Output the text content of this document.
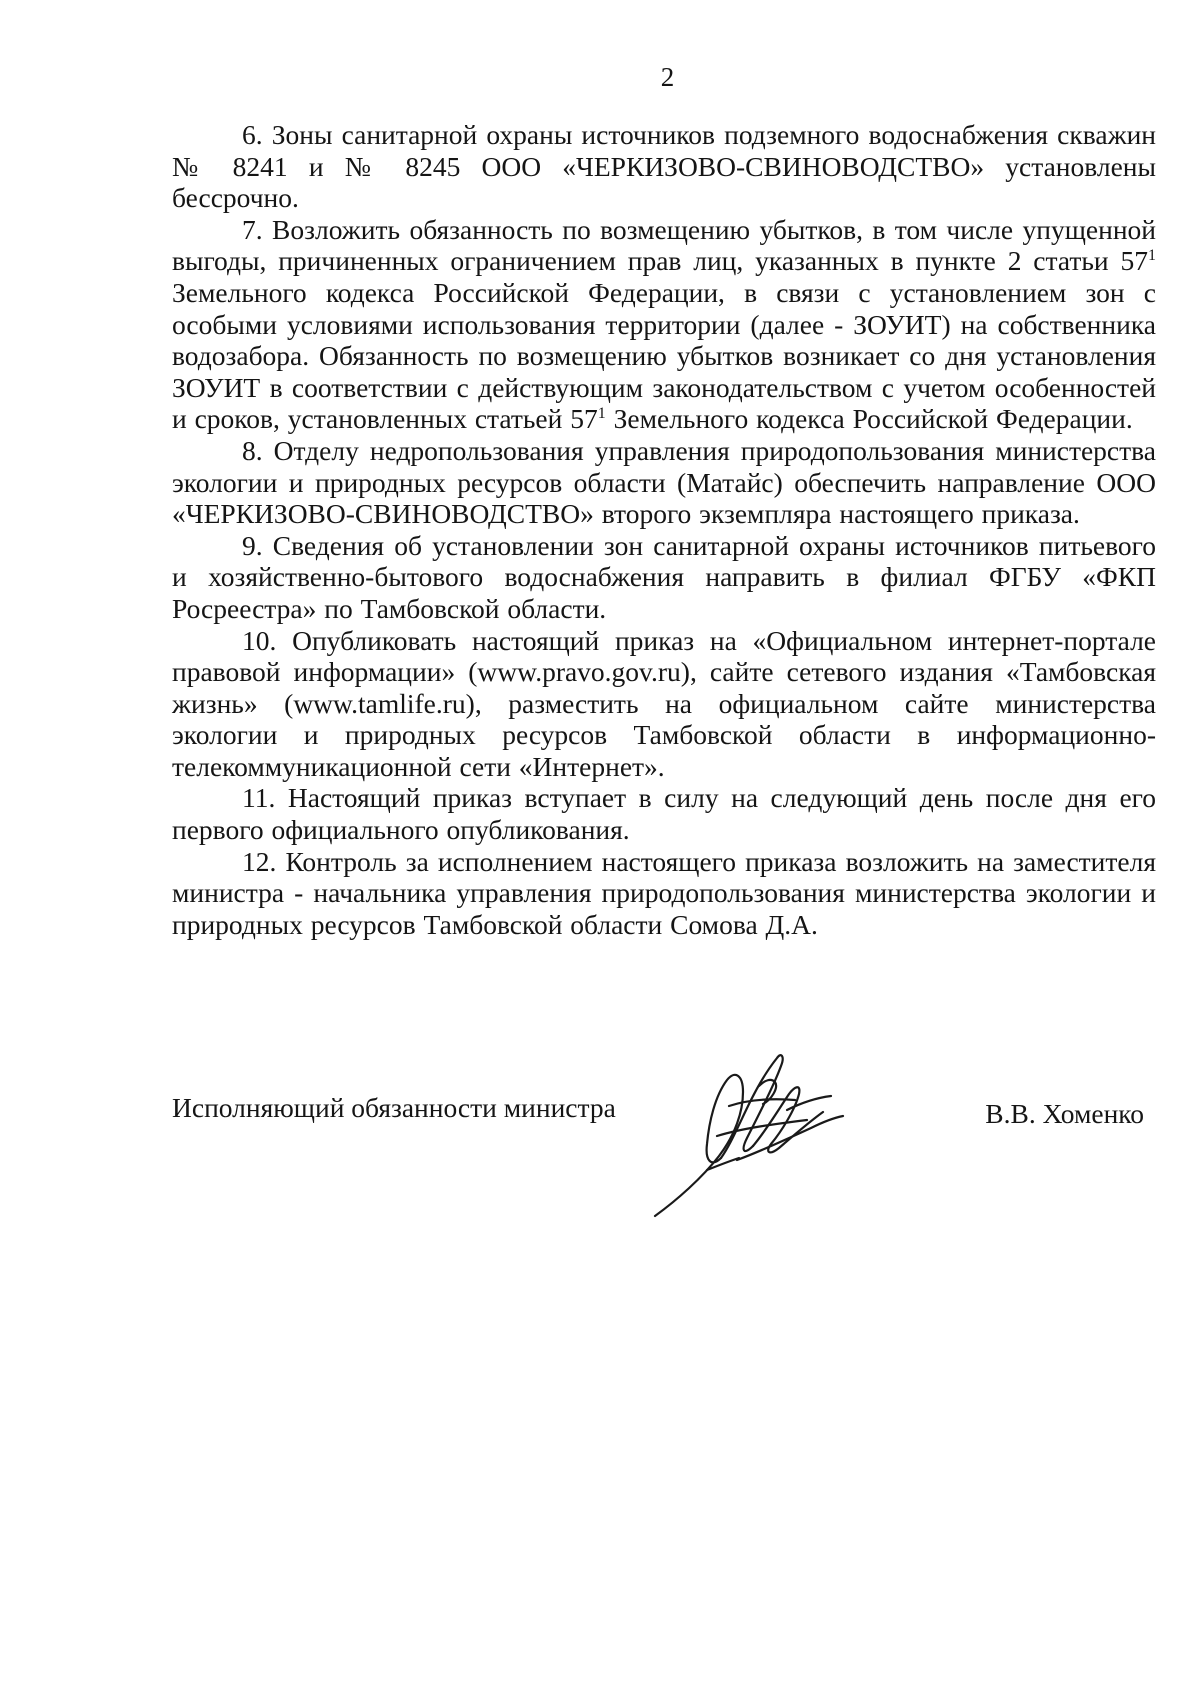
2

6. Зоны санитарной охраны источников подземного водоснабжения скважин № 8241 и № 8245 ООО «ЧЕРКИЗОВО-СВИНОВОДСТВО» установлены бессрочно.

7. Возложить обязанность по возмещению убытков, в том числе упущенной выгоды, причиненных ограничением прав лиц, указанных в пункте 2 статьи $57^1$ Земельного кодекса Российской Федерации, в связи с установлением зон с особыми условиями использования территории (далее - ЗОУИТ) на собственника водозабора. Обязанность по возмещению убытков возникает со дня установления ЗОУИТ в соответствии с действующим законодательством с учетом особенностей и сроков, установленных статьей $57^1$ Земельного кодекса Российской Федерации.

8. Отделу недропользования управления природопользования министерства экологии и природных ресурсов области (Матайс) обеспечить направление ООО «ЧЕРКИЗОВО-СВИНОВОДСТВО» второго экземпляра настоящего приказа.

9. Сведения об установлении зон санитарной охраны источников питьевого и хозяйственно-бытового водоснабжения направить в филиал ФГБУ «ФКП Росреестра» по Тамбовской области.

10. Опубликовать настоящий приказ на «Официальном интернет-портале правовой информации» (www.pravo.gov.ru), сайте сетевого издания «Тамбовская жизнь» (www.tamlife.ru), разместить на официальном сайте министерства экологии и природных ресурсов Тамбовской области в информационно-телекоммуникационной сети «Интернет».

11. Настоящий приказ вступает в силу на следующий день после дня его первого официального опубликования.

12. Контроль за исполнением настоящего приказа возложить на заместителя министра - начальника управления природопользования министерства экологии и природных ресурсов Тамбовской области Сомова Д.А.

Исполняющий обязанности министра	В.В. Хоменко
